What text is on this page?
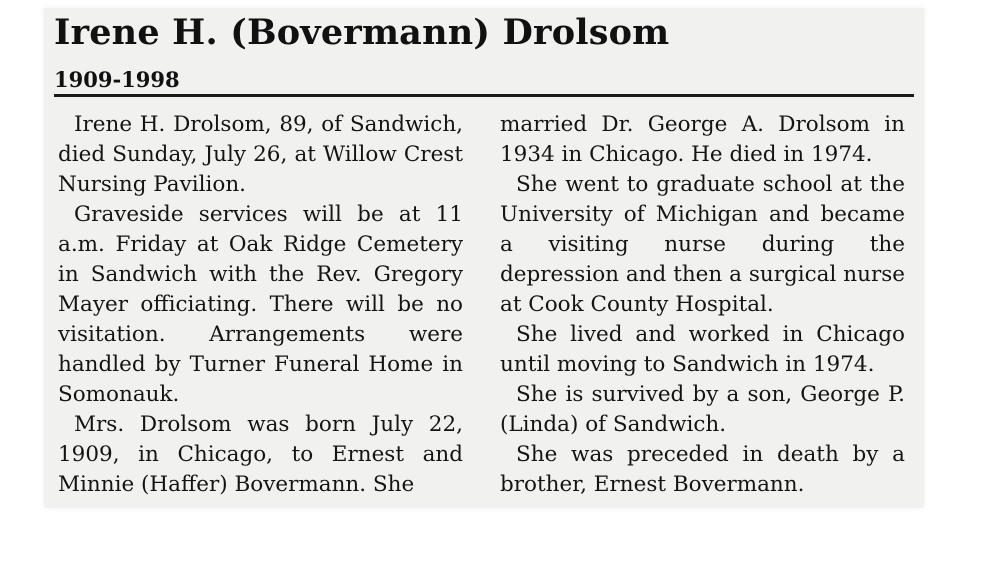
Irene H. (Bovermann) Drolsom
1909-1998

Irene H. Drolsom, 89, of Sandwich, died Sunday, July 26, at Willow Crest Nursing Pavilion.

Graveside services will be at 11 a.m. Friday at Oak Ridge Cemetery in Sandwich with the Rev. Gregory Mayer officiating. There will be no visitation. Arrangements were handled by Turner Funeral Home in Somonauk.

Mrs. Drolsom was born July 22, 1909, in Chicago, to Ernest and Minnie (Haffer) Bovermann. She

married Dr. George A. Drolsom in 1934 in Chicago. He died in 1974.

She went to graduate school at the University of Michigan and became a visiting nurse during the depression and then a surgical nurse at Cook County Hospital.

She lived and worked in Chicago until moving to Sandwich in 1974.

She is survived by a son, George P. (Linda) of Sandwich.

She was preceded in death by a brother, Ernest Bovermann.
